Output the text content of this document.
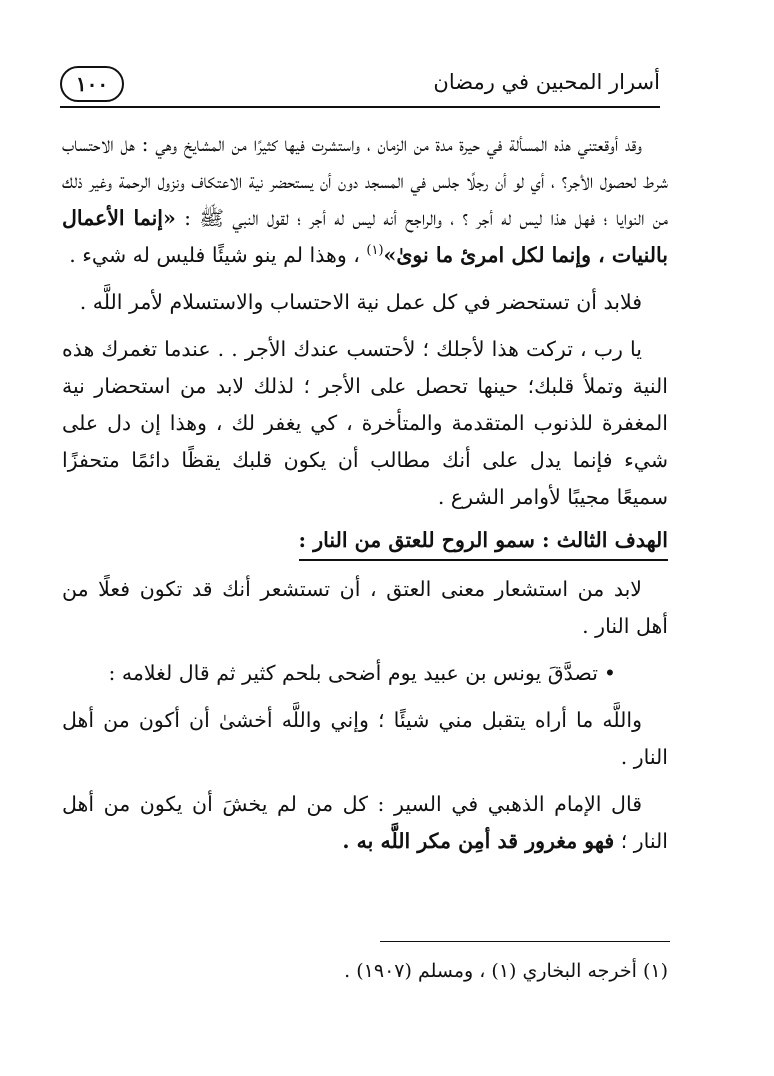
أسرار المحبين في رمضان
١٠٠

وقد أوقعتني هذه المسألة في حيرة مدة من الزمان ، واستشرت فيها كثيرًا من المشايخ وهي : هل الاحتساب شرط لحصول الأجر؟ ، أي لو أن رجلًا جلس في المسجد دون أن يستحضر نية الاعتكاف ونزول الرحمة وغير ذلك من النوايا ؛ فهل هذا ليس له أجر ؟ ، والراجح أنه ليس له أجر ؛ لقول النبي ﷺ : «إنما الأعمال بالنيات ، وإنما لكل امرئ ما نوىٰ»$^{(١)}$ ، وهذا لم ينو شيئًا فليس له شيء .

فلابد أن تستحضر في كل عمل نية الاحتساب والاستسلام لأمر اللَّه .

يا رب ، تركت هذا لأجلك ؛ لأحتسب عندك الأجر . . عندما تغمرك هذه النية وتملأ قلبك؛ حينها تحصل على الأجر ؛ لذلك لابد من استحضار نية المغفرة للذنوب المتقدمة والمتأخرة ، كي يغفر لك ، وهذا إن دل على شيء فإنما يدل على أنك مطالب أن يكون قلبك يقظًا دائمًا متحفزًا سميعًا مجيبًا لأوامر الشرع .

الهدف الثالث : سمو الروح للعتق من النار :

لابد من استشعار معنى العتق ، أن تستشعر أنك قد تكون فعلًا من أهل النار .

•تصدَّقَ يونس بن عبيد يوم أضحى بلحم كثير ثم قال لغلامه :

واللَّه ما أراه يتقبل مني شيئًا ؛ وإني واللَّه أخشىٰ أن أكون من أهل النار .

قال الإمام الذهبي في السير : كل من لم يخشَ أن يكون من أهل النار ؛ فهو مغرور قد أمِن مكر اللَّه به .

(١) أخرجه البخاري (١) ، ومسلم (١٩٠٧) .
